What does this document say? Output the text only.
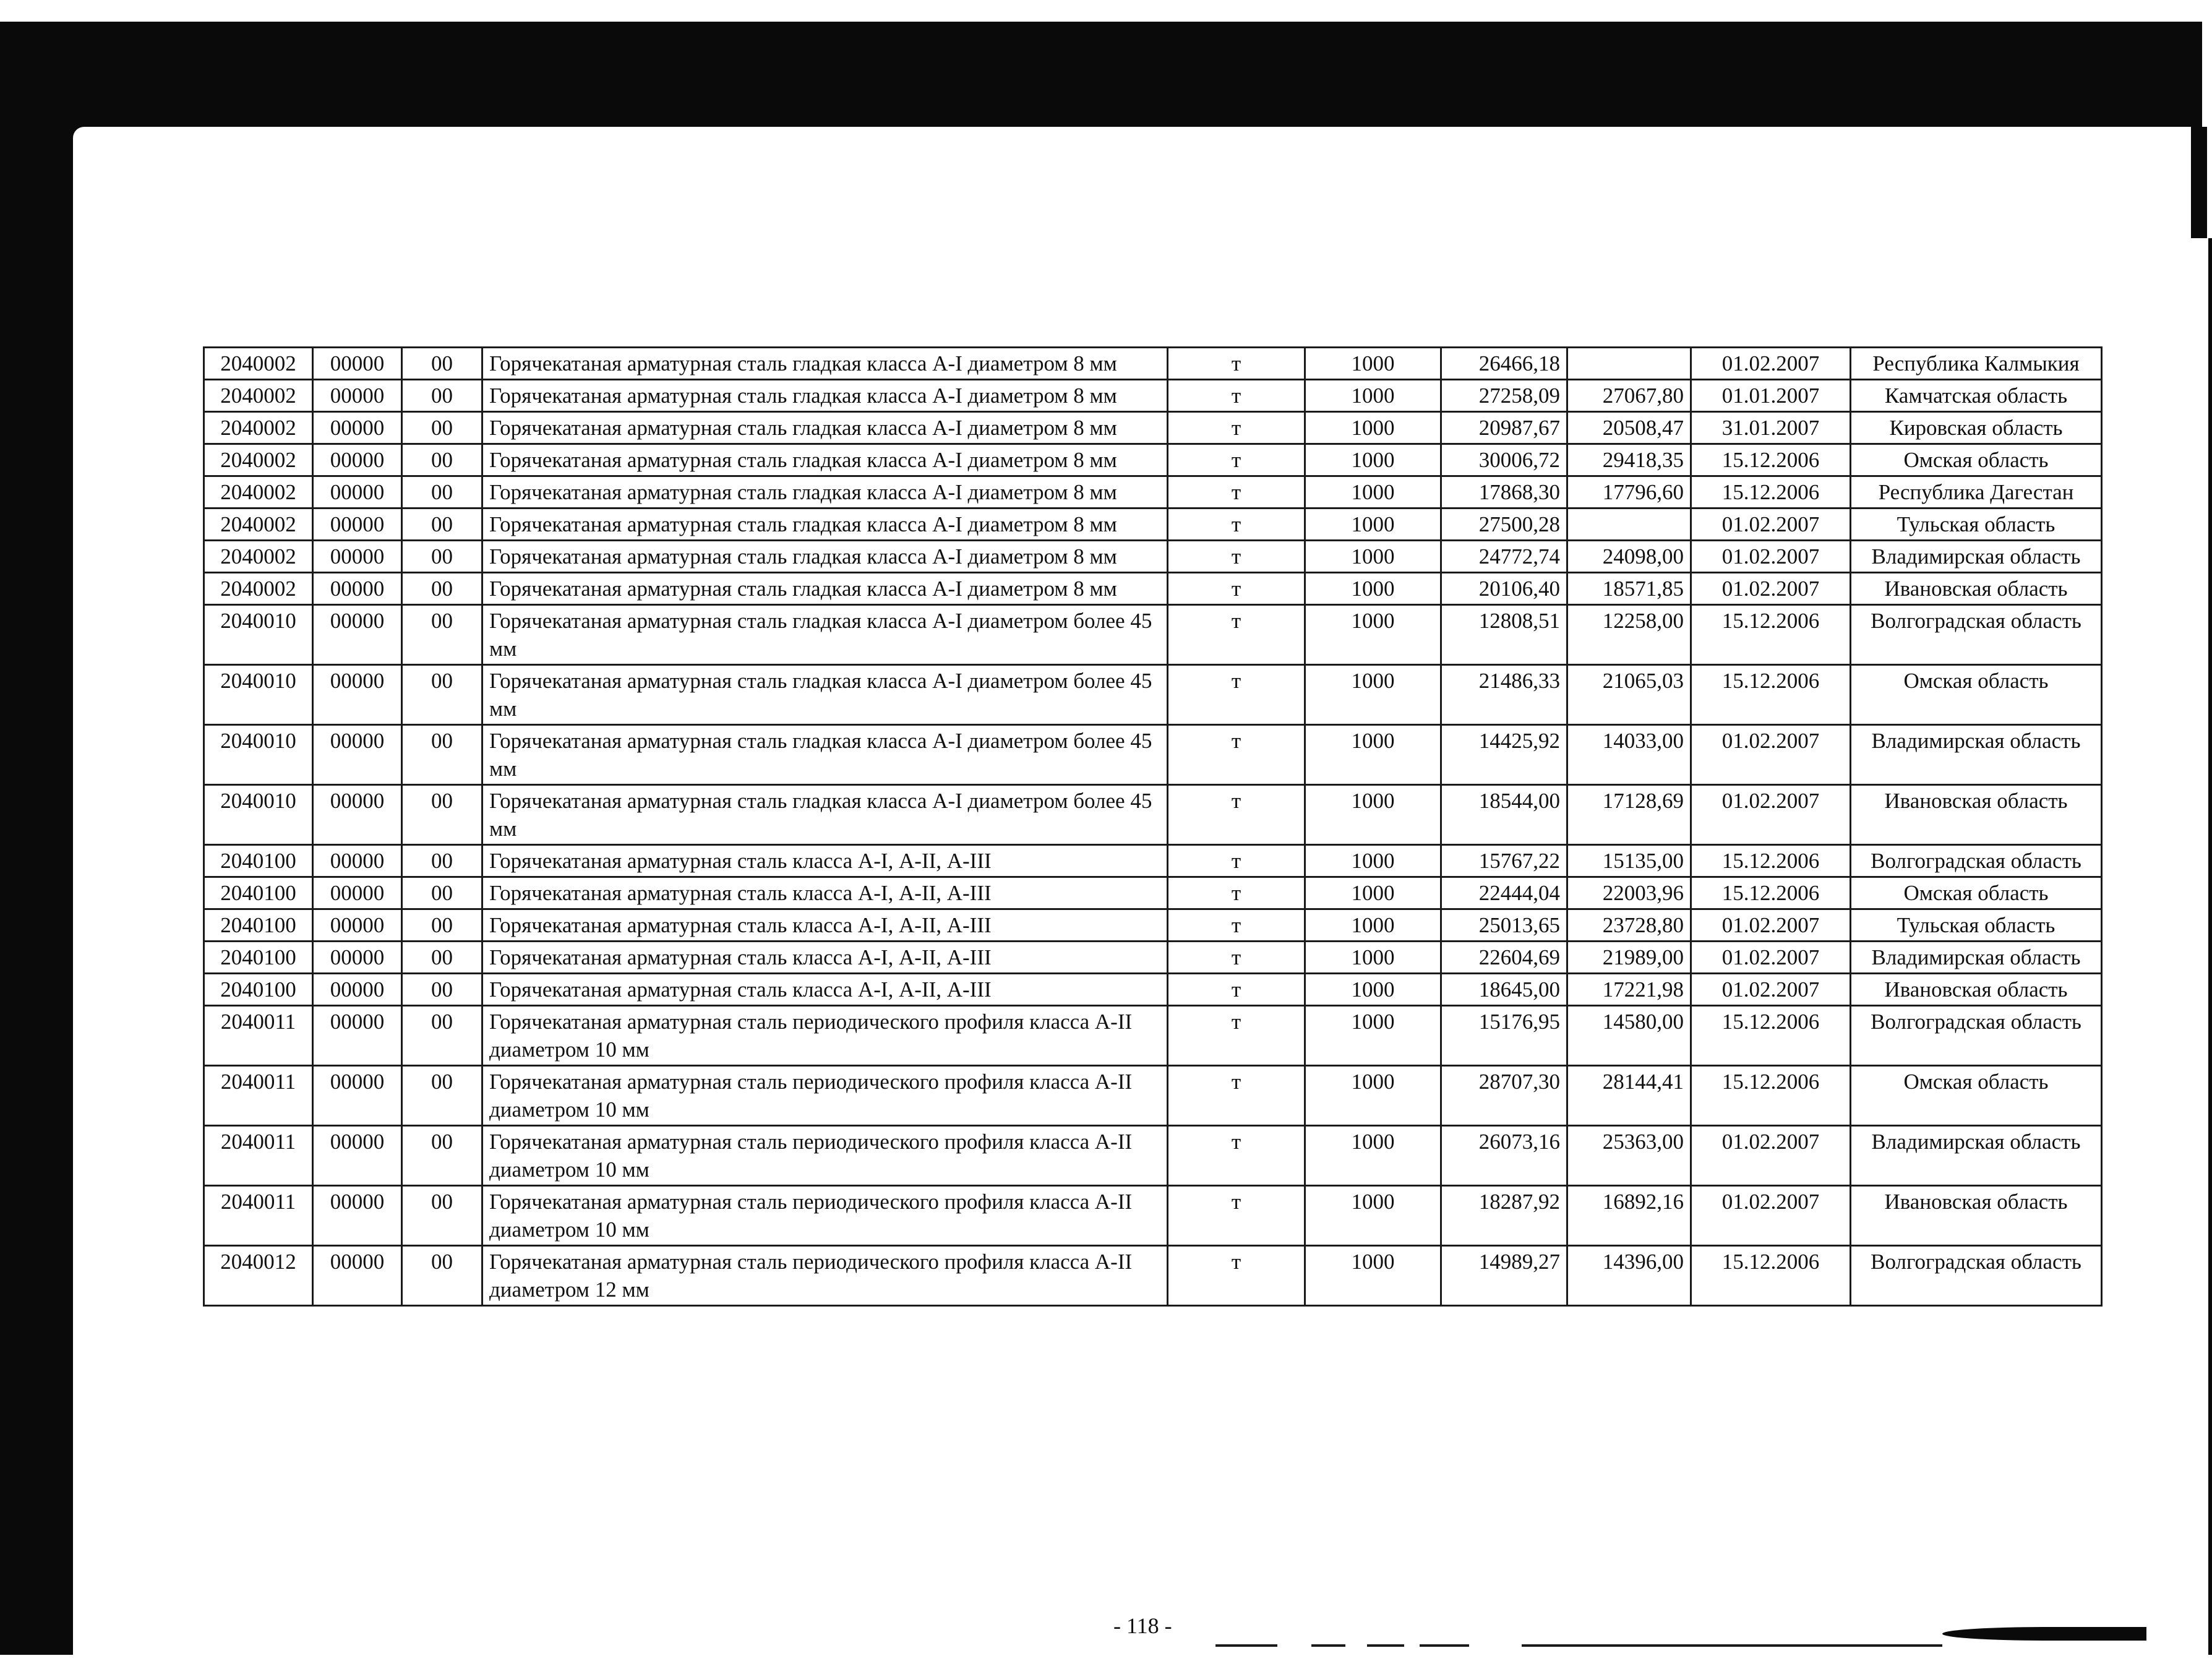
2040002	00000	00	Горячекатаная арматурная сталь гладкая класса А-I диаметром 8 мм	т	1000	26466,18		01.02.2007	Республика Калмыкия
2040002	00000	00	Горячекатаная арматурная сталь гладкая класса А-I диаметром 8 мм	т	1000	27258,09	27067,80	01.01.2007	Камчатская область
2040002	00000	00	Горячекатаная арматурная сталь гладкая класса А-I диаметром 8 мм	т	1000	20987,67	20508,47	31.01.2007	Кировская область
2040002	00000	00	Горячекатаная арматурная сталь гладкая класса А-I диаметром 8 мм	т	1000	30006,72	29418,35	15.12.2006	Омская область
2040002	00000	00	Горячекатаная арматурная сталь гладкая класса А-I диаметром 8 мм	т	1000	17868,30	17796,60	15.12.2006	Республика Дагестан
2040002	00000	00	Горячекатаная арматурная сталь гладкая класса А-I диаметром 8 мм	т	1000	27500,28		01.02.2007	Тульская область
2040002	00000	00	Горячекатаная арматурная сталь гладкая класса А-I диаметром 8 мм	т	1000	24772,74	24098,00	01.02.2007	Владимирская область
2040002	00000	00	Горячекатаная арматурная сталь гладкая класса А-I диаметром 8 мм	т	1000	20106,40	18571,85	01.02.2007	Ивановская область
2040010	00000	00	Горячекатаная арматурная сталь гладкая класса А-I диаметром более 45 мм	т	1000	12808,51	12258,00	15.12.2006	Волгоградская область
2040010	00000	00	Горячекатаная арматурная сталь гладкая класса А-I диаметром более 45 мм	т	1000	21486,33	21065,03	15.12.2006	Омская область
2040010	00000	00	Горячекатаная арматурная сталь гладкая класса А-I диаметром более 45 мм	т	1000	14425,92	14033,00	01.02.2007	Владимирская область
2040010	00000	00	Горячекатаная арматурная сталь гладкая класса А-I диаметром более 45 мм	т	1000	18544,00	17128,69	01.02.2007	Ивановская область
2040100	00000	00	Горячекатаная арматурная сталь класса А-I, А-II, А-III	т	1000	15767,22	15135,00	15.12.2006	Волгоградская область
2040100	00000	00	Горячекатаная арматурная сталь класса А-I, А-II, А-III	т	1000	22444,04	22003,96	15.12.2006	Омская область
2040100	00000	00	Горячекатаная арматурная сталь класса А-I, А-II, А-III	т	1000	25013,65	23728,80	01.02.2007	Тульская область
2040100	00000	00	Горячекатаная арматурная сталь класса А-I, А-II, А-III	т	1000	22604,69	21989,00	01.02.2007	Владимирская область
2040100	00000	00	Горячекатаная арматурная сталь класса А-I, А-II, А-III	т	1000	18645,00	17221,98	01.02.2007	Ивановская область
2040011	00000	00	Горячекатаная арматурная сталь периодического профиля класса А-II диаметром 10 мм	т	1000	15176,95	14580,00	15.12.2006	Волгоградская область
2040011	00000	00	Горячекатаная арматурная сталь периодического профиля класса А-II диаметром 10 мм	т	1000	28707,30	28144,41	15.12.2006	Омская область
2040011	00000	00	Горячекатаная арматурная сталь периодического профиля класса А-II диаметром 10 мм	т	1000	26073,16	25363,00	01.02.2007	Владимирская область
2040011	00000	00	Горячекатаная арматурная сталь периодического профиля класса А-II диаметром 10 мм	т	1000	18287,92	16892,16	01.02.2007	Ивановская область
2040012	00000	00	Горячекатаная арматурная сталь периодического профиля класса А-II диаметром 12 мм	т	1000	14989,27	14396,00	15.12.2006	Волгоградская область
- 118 -
